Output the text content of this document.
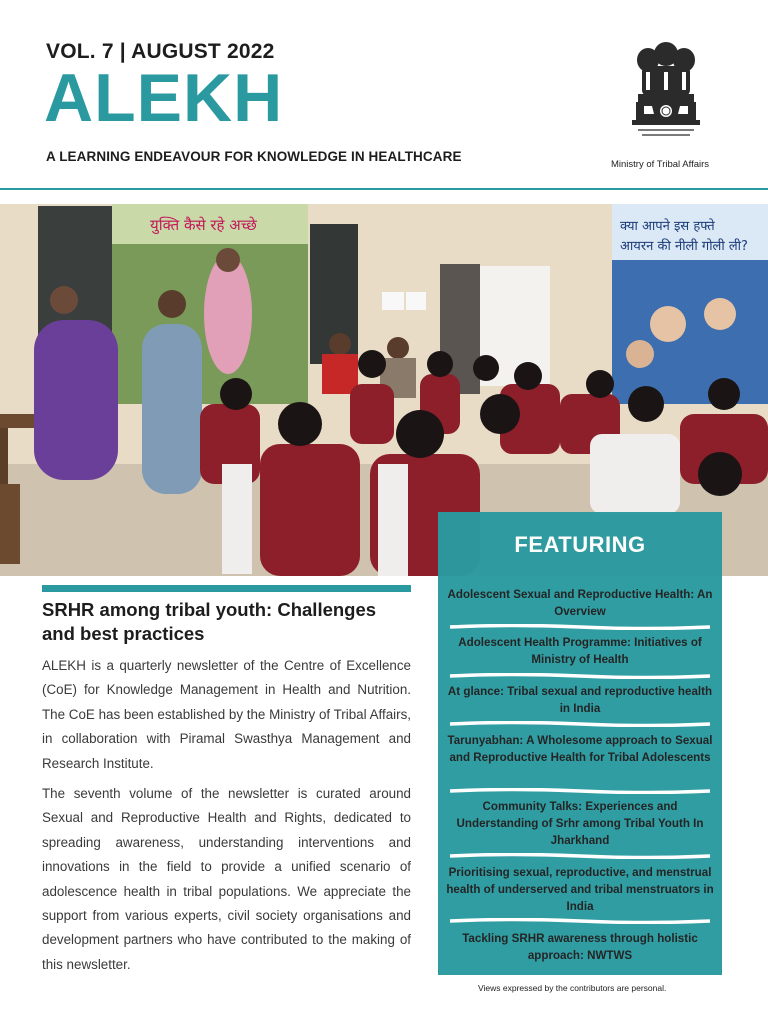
VOL. 7 | AUGUST 2022
ALEKH
A LEARNING ENDEAVOUR FOR KNOWLEDGE IN HEALTHCARE
Ministry of Tribal Affairs
युक्ति कैसे रहे अच्छे	क्या आपने इस हफ्ते
आयरन की नीली गोली ली?
SRHR among tribal youth: Challenges and best practices

ALEKH is a quarterly newsletter of the Centre of Excellence (CoE) for Knowledge Management in Health and Nutrition. The CoE has been established by the Ministry of Tribal Affairs, in collaboration with Piramal Swasthya Management and Research Institute.

The seventh volume of the newsletter is curated around Sexual and Reproductive Health and Rights, dedicated to spreading awareness, understanding interventions and innovations in the field to provide a unified scenario of adolescence health in tribal populations. We appreciate the support from various experts, civil society organisations and development partners who have contributed to the making of this newsletter.

FEATURING
Adolescent Sexual and Reproductive Health: An Overview
Adolescent Health Programme: Initiatives of Ministry of Health
At glance: Tribal sexual and reproductive health in India
Tarunyabhan: A Wholesome approach to Sexual and Reproductive Health for Tribal Adolescents
Community Talks: Experiences and Understanding of Srhr among Tribal Youth In Jharkhand
Prioritising sexual, reproductive, and menstrual health of underserved and tribal menstruators in India
Tackling SRHR awareness through holistic approach: NWTWS
Views expressed by the contributors are personal.
